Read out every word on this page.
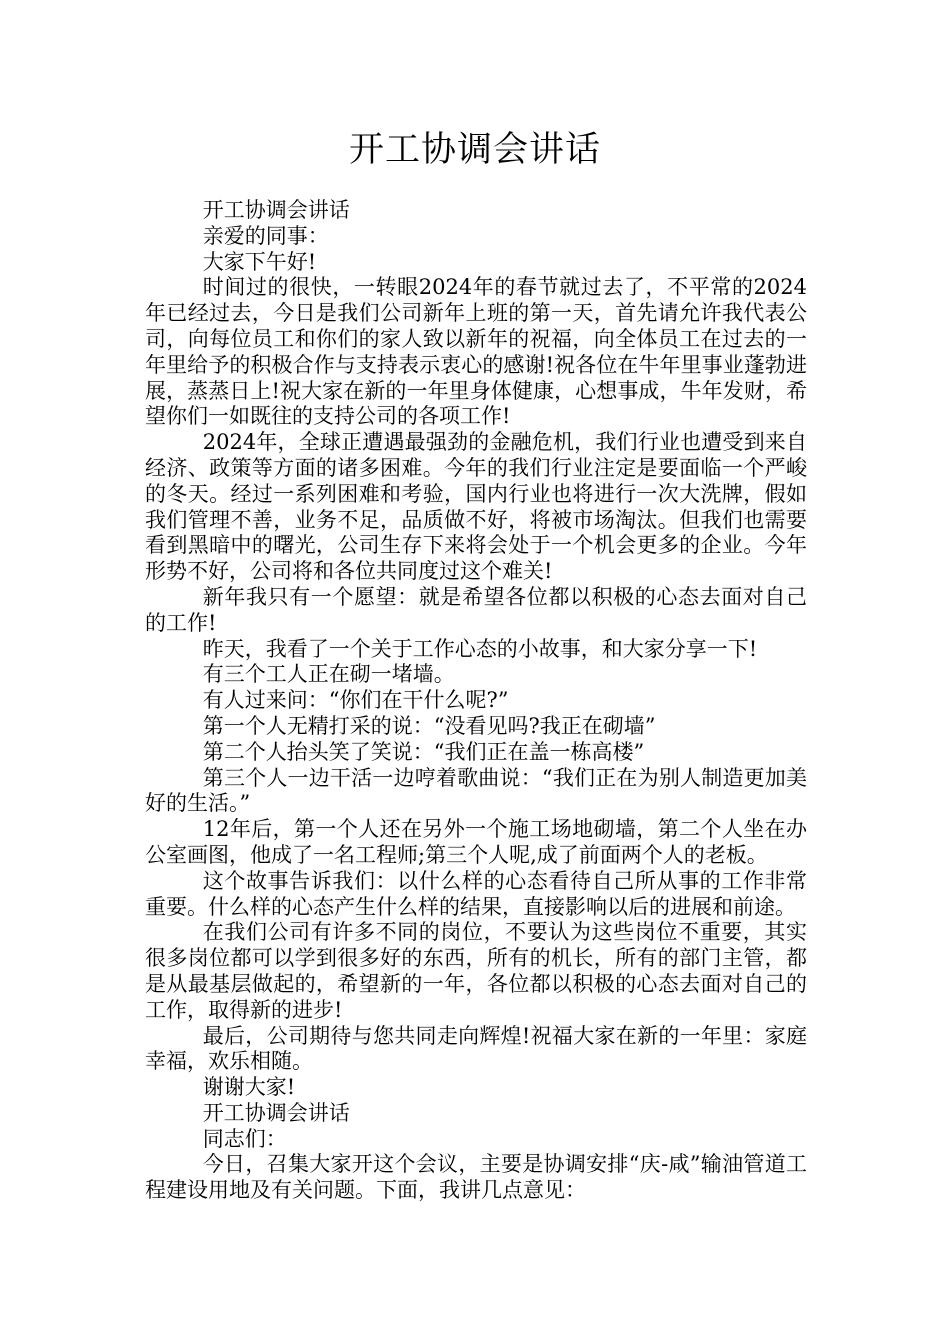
开工协调会讲话

开工协调会讲话

亲爱的同事：

大家下午好!

时间过的很快，一转眼2024年的春节就过去了，不平常的2024年已经过去，今日是我们公司新年上班的第一天，首先请允许我代表公司，向每位员工和你们的家人致以新年的祝福，向全体员工在过去的一年里给予的积极合作与支持表示衷心的感谢!祝各位在牛年里事业蓬勃进展，蒸蒸日上!祝大家在新的一年里身体健康，心想事成，牛年发财，希望你们一如既往的支持公司的各项工作!

2024年，全球正遭遇最强劲的金融危机，我们行业也遭受到来自经济、政策等方面的诸多困难。今年的我们行业注定是要面临一个严峻的冬天。经过一系列困难和考验，国内行业也将进行一次大洗牌，假如我们管理不善，业务不足，品质做不好，将被市场淘汰。但我们也需要看到黑暗中的曙光，公司生存下来将会处于一个机会更多的企业。今年形势不好，公司将和各位共同度过这个难关!

新年我只有一个愿望：就是希望各位都以积极的心态去面对自己的工作!

昨天，我看了一个关于工作心态的小故事，和大家分享一下!

有三个工人正在砌一堵墙。

有人过来问：“你们在干什么呢?”

第一个人无精打采的说：“没看见吗?我正在砌墙”

第二个人抬头笑了笑说：“我们正在盖一栋高楼”

第三个人一边干活一边哼着歌曲说：“我们正在为别人制造更加美好的生活。”

12年后，第一个人还在另外一个施工场地砌墙，第二个人坐在办公室画图，他成了一名工程师;第三个人呢,成了前面两个人的老板。

这个故事告诉我们：以什么样的心态看待自己所从事的工作非常重要。什么样的心态产生什么样的结果，直接影响以后的进展和前途。

在我们公司有许多不同的岗位，不要认为这些岗位不重要，其实很多岗位都可以学到很多好的东西，所有的机长，所有的部门主管，都是从最基层做起的，希望新的一年，各位都以积极的心态去面对自己的工作，取得新的进步!

最后，公司期待与您共同走向辉煌!祝福大家在新的一年里：家庭幸福，欢乐相随。

谢谢大家!

开工协调会讲话

同志们：

今日，召集大家开这个会议，主要是协调安排“庆-咸”输油管道工程建设用地及有关问题。下面，我讲几点意见：
